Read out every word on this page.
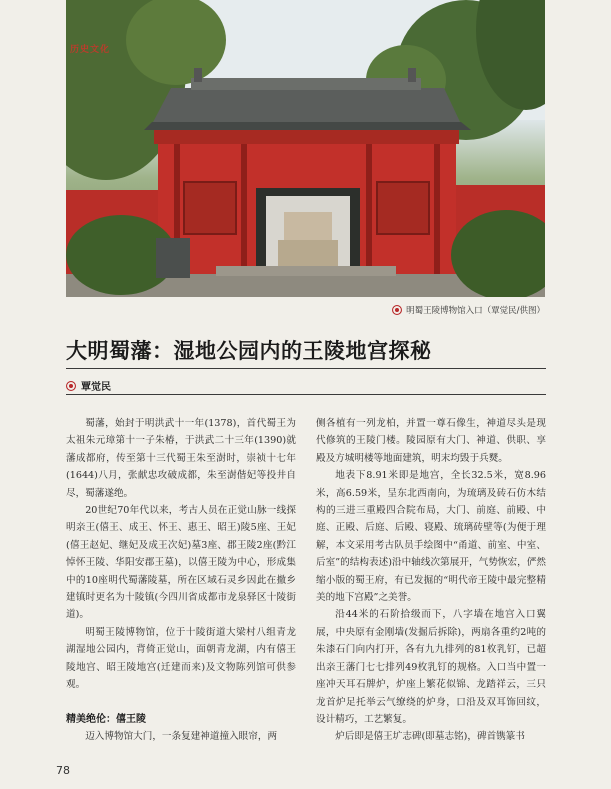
历史文化
明蜀王陵博物馆入口（覃觉民/供图）
大明蜀藩：湿地公园内的王陵地宫探秘
覃觉民

蜀藩，始封于明洪武十一年(1378)，首代蜀王为太祖朱元璋第十一子朱椿，于洪武二十三年(1390)就藩成都府，传至第十三代蜀王朱至澍时，崇祯十七年(1644)八月，张献忠攻破成都，朱至澍偕妃等投井自尽，蜀藩遂绝。

20世纪70年代以来，考古人员在正觉山脉一线探明亲王(僖王、成王、怀王、惠王、昭王)陵5座、王妃(僖王赵妃、继妃及成王次妃)墓3座、郡王陵2座(黔江悼怀王陵、华阳安郡王墓)，以僖王陵为中心，形成集中的10座明代蜀藩陵墓，所在区域石灵乡因此在撤乡建镇时更名为十陵镇(今四川省成都市龙泉驿区十陵街道)。

明蜀王陵博物馆，位于十陵街道大梁村八组青龙湖湿地公园内，背倚正觉山，面朝青龙湖，内有僖王陵地宫、昭王陵地宫(迁建而来)及文物陈列馆可供参观。

精美绝伦：僖王陵

迈入博物馆大门，一条复建神道撞入眼帘，两

侧各植有一列龙柏，并置一尊石像生，神道尽头是现代修筑的王陵门楼。陵园原有大门、神道、供职、享殿及方城明楼等地面建筑，明末均毁于兵燹。

地表下8.91米即是地宫，全长32.5米，宽8.96米，高6.59米，呈东北西南向，为琉璃及砖石仿木结构的三进三重殿四合院布局，大门、前庭、前殿、中庭、正殿、后庭、后殿、寝殿、琉璃砖壁等(为便于理解，本文采用考古队员手绘图中“甬道、前室、中室、后室”的结构表述)沿中轴线次第展开，气势恢宏，俨然缩小版的蜀王府，有已发掘的“明代帝王陵中最完整精美的地下宫殿”之美誉。

沿44米的石阶拾级而下，八字墙在地宫入口翼展，中央原有金刚墙(发掘后拆除)，两扇各重约2吨的朱漆石门向内打开，各有九九排列的81枚乳钉，已超出亲王藩门七七排列49枚乳钉的规格。入口当中置一座冲天耳石牌炉，炉座上繁花似锦、龙踏祥云，三只龙首炉足托举云气缭绕的炉身，口沿及双耳饰回纹，设计精巧，工艺繁复。

炉后即是僖王圹志碑(即墓志铭)，碑首镌篆书

78
